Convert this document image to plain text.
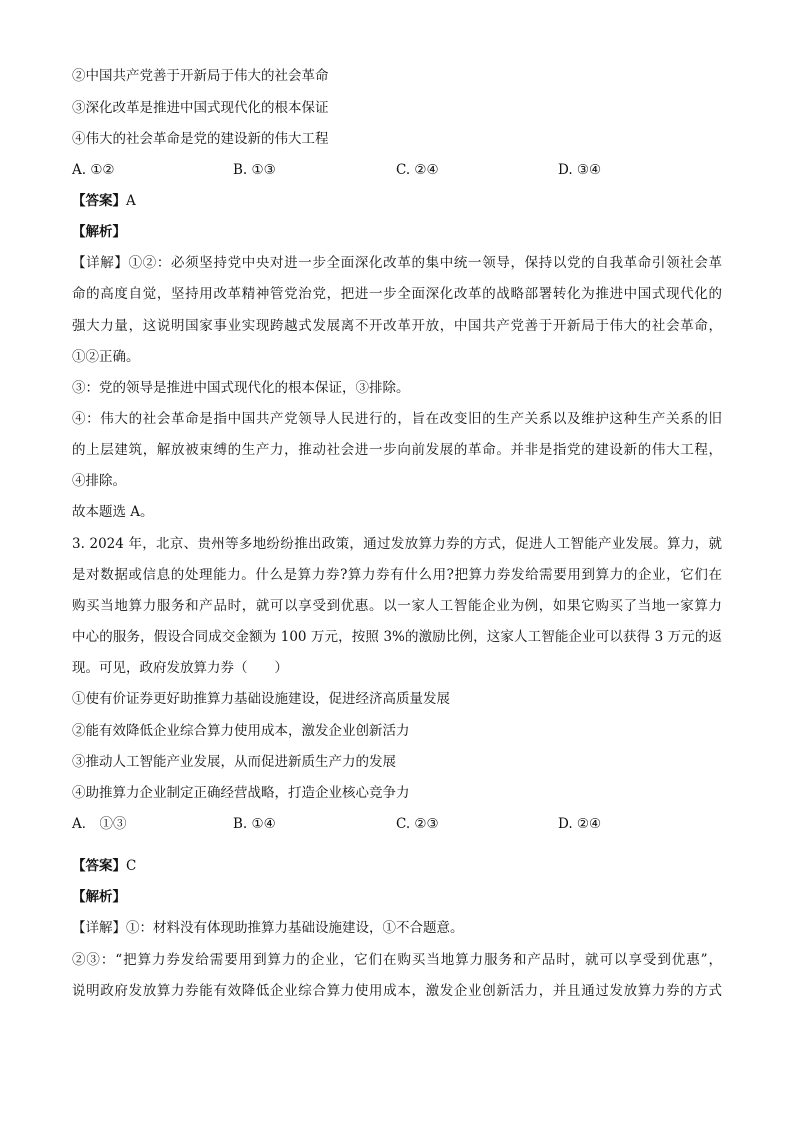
②中国共产党善于开新局于伟大的社会革命
③深化改革是推进中国式现代化的根本保证
④伟大的社会革命是党的建设新的伟大工程
A. ①②	B. ①③	C. ②④	D. ③④
【答案】A
【解析】
【详解】①②：必须坚持党中央对进一步全面深化改革的集中统一领导，保持以党的自我革命引领社会革
命的高度自觉，坚持用改革精神管党治党，把进一步全面深化改革的战略部署转化为推进中国式现代化的
强大力量，这说明国家事业实现跨越式发展离不开改革开放，中国共产党善于开新局于伟大的社会革命，
①②正确。
③：党的领导是推进中国式现代化的根本保证，③排除。
④：伟大的社会革命是指中国共产党领导人民进行的，旨在改变旧的生产关系以及维护这种生产关系的旧
的上层建筑，解放被束缚的生产力，推动社会进一步向前发展的革命。并非是指党的建设新的伟大工程，
④排除。
故本题选 A。
3. 2024 年，北京、贵州等多地纷纷推出政策，通过发放算力券的方式，促进人工智能产业发展。算力，就
是对数据或信息的处理能力。什么是算力券?算力券有什么用?把算力券发给需要用到算力的企业，它们在
购买当地算力服务和产品时，就可以享受到优惠。以一家人工智能企业为例，如果它购买了当地一家算力
中心的服务，假设合同成交金额为 100 万元，按照 3%的激励比例，这家人工智能企业可以获得 3 万元的返
现。可见，政府发放算力券（　　）
①使有价证券更好助推算力基础设施建设，促进经济高质量发展
②能有效降低企业综合算力使用成本，激发企业创新活力
③推动人工智能产业发展，从而促进新质生产力的发展
④助推算力企业制定正确经营战略，打造企业核心竞争力
A． ①③	B. ①④	C. ②③	D. ②④
【答案】C
【解析】
【详解】①：材料没有体现助推算力基础设施建设，①不合题意。
②③：“把算力券发给需要用到算力的企业，它们在购买当地算力服务和产品时，就可以享受到优惠”，
说明政府发放算力券能有效降低企业综合算力使用成本，激发企业创新活力，并且通过发放算力券的方式
